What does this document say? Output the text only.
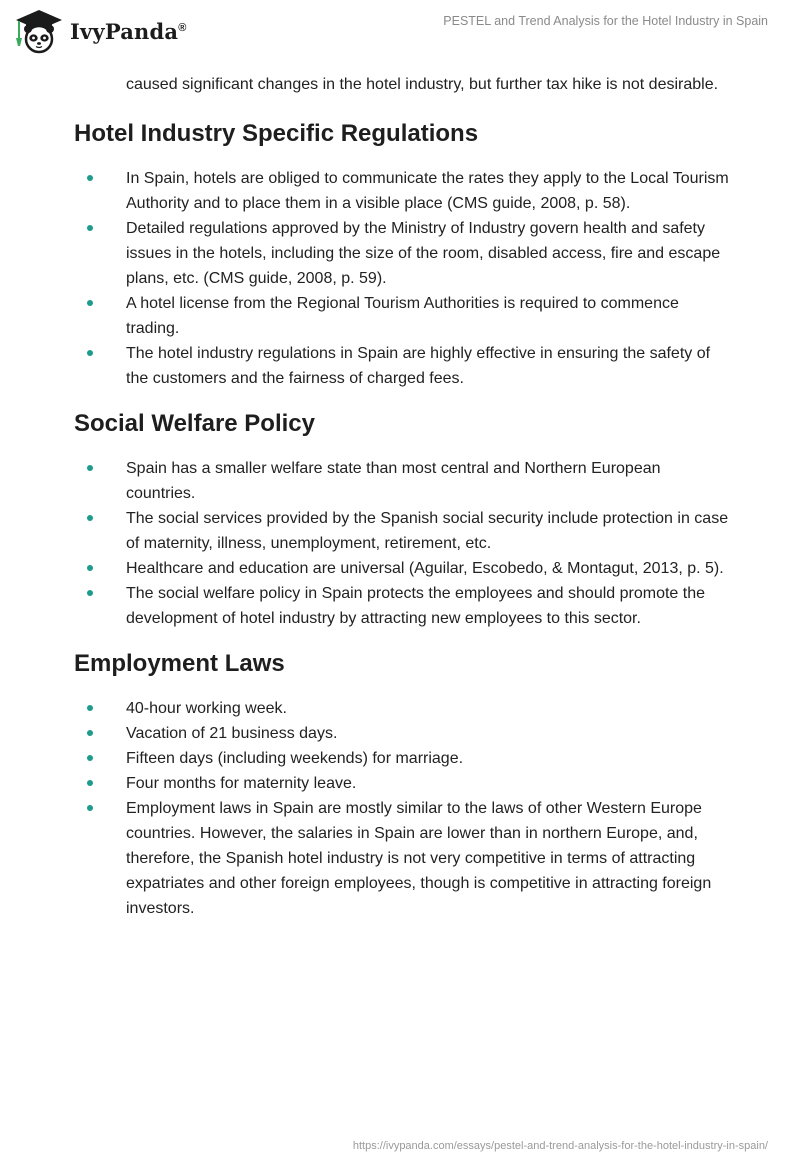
IvyPanda®	PESTEL and Trend Analysis for the Hotel Industry in Spain

caused significant changes in the hotel industry, but further tax hike is not desirable.

Hotel Industry Specific Regulations
In Spain, hotels are obliged to communicate the rates they apply to the Local Tourism Authority and to place them in a visible place (CMS guide, 2008, p. 58).
Detailed regulations approved by the Ministry of Industry govern health and safety issues in the hotels, including the size of the room, disabled access, fire and escape plans, etc. (CMS guide, 2008, p. 59).
A hotel license from the Regional Tourism Authorities is required to commence trading.
The hotel industry regulations in Spain are highly effective in ensuring the safety of the customers and the fairness of charged fees.
Social Welfare Policy
Spain has a smaller welfare state than most central and Northern European countries.
The social services provided by the Spanish social security include protection in case of maternity, illness, unemployment, retirement, etc.
Healthcare and education are universal (Aguilar, Escobedo, & Montagut, 2013, p. 5).
The social welfare policy in Spain protects the employees and should promote the development of hotel industry by attracting new employees to this sector.
Employment Laws
40-hour working week.
Vacation of 21 business days.
Fifteen days (including weekends) for marriage.
Four months for maternity leave.
Employment laws in Spain are mostly similar to the laws of other Western Europe countries. However, the salaries in Spain are lower than in northern Europe, and, therefore, the Spanish hotel industry is not very competitive in terms of attracting expatriates and other foreign employees, though is competitive in attracting foreign investors.
https://ivypanda.com/essays/pestel-and-trend-analysis-for-the-hotel-industry-in-spain/
